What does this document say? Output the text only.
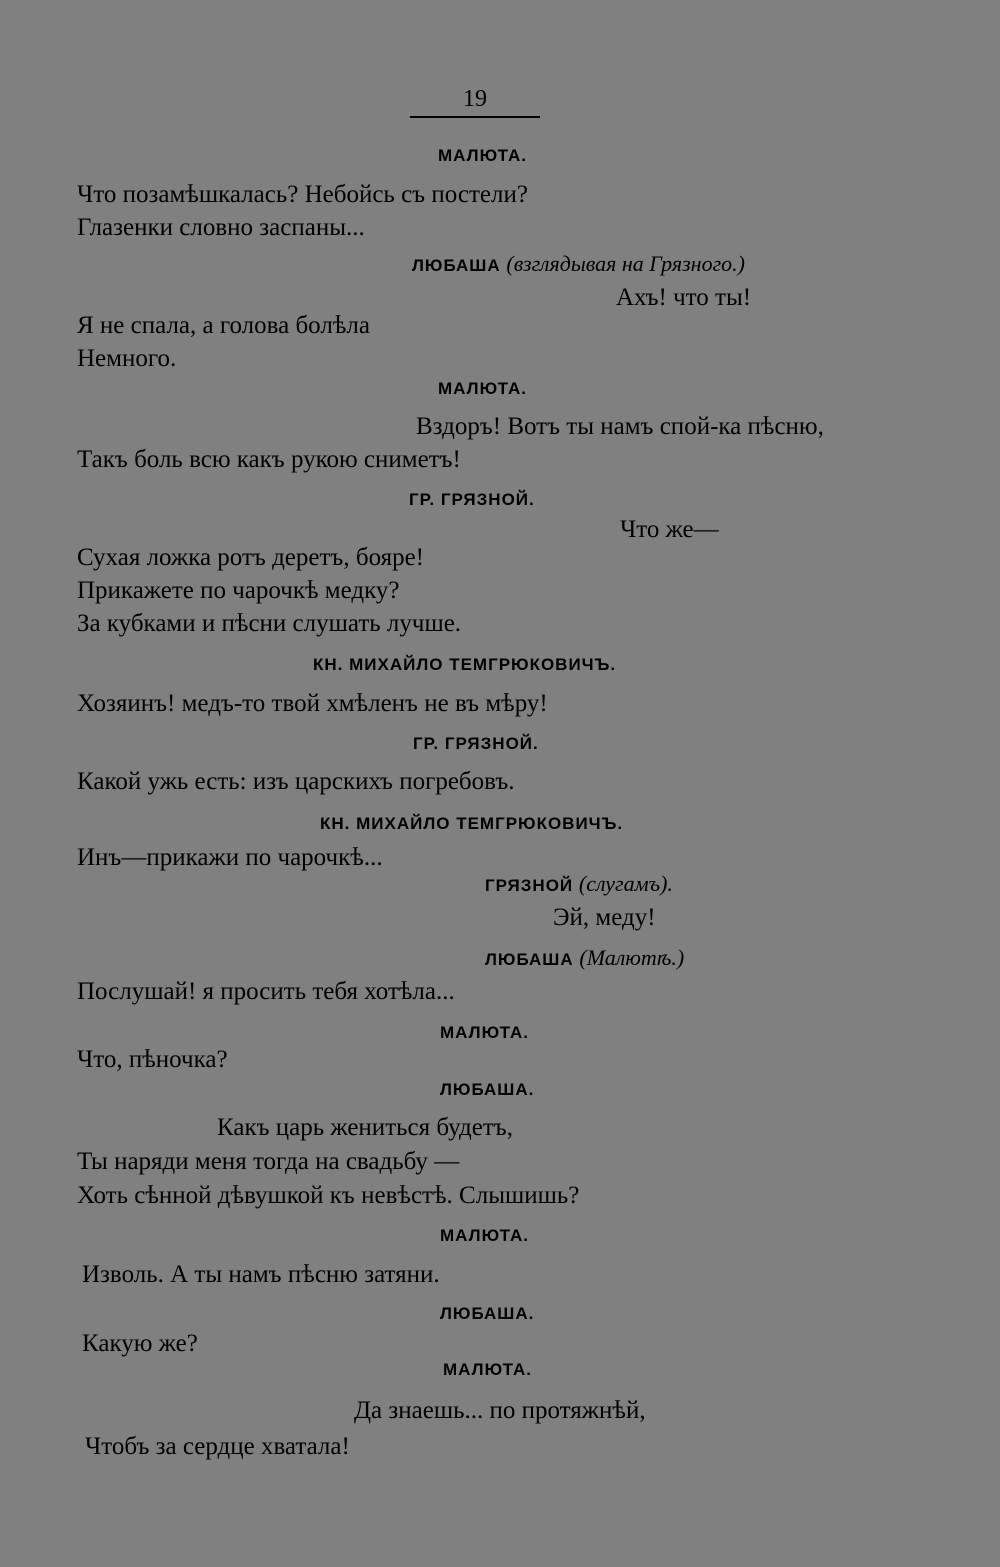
19
МАЛЮТА.
Что позамѣшкалась? Небойсь съ постели?
Глазенки словно заспаны...
ЛЮБАША (взглядывая на Грязного.)
Ахъ! что ты!
Я не спала, а голова болѣла
Немного.
МАЛЮТА.
Вздоръ! Вотъ ты намъ спой-ка пѣсню,
Такъ боль всю какъ рукою сниметъ!
ГР. ГРЯЗНОЙ.
Что же—
Сухая ложка ротъ деретъ, бояре!
Прикажете по чарочкѣ медку?
За кубками и пѣсни слушать лучше.
КН. МИХАЙЛО ТЕМГРЮКОВИЧЪ.
Хозяинъ! медъ-то твой хмѣленъ не въ мѣру!
ГР. ГРЯЗНОЙ.
Какой ужь есть: изъ царскихъ погребовъ.
КН. МИХАЙЛО ТЕМГРЮКОВИЧЪ.
Инъ—прикажи по чарочкѣ...
ГРЯЗНОЙ (слугамъ).
Эй, меду!
ЛЮБАША (Малютѣ.)
Послушай! я просить тебя хотѣла...
МАЛЮТА.
Что, пѣночка?
ЛЮБАША.
Какъ царь жениться будетъ,
Ты наряди меня тогда на свадьбу —
Хоть сѣнной дѣвушкой къ невѣстѣ. Слышишь?
МАЛЮТА.
Изволь. А ты намъ пѣсню затяни.
ЛЮБАША.
Какую же?
МАЛЮТА.
Да знаешь... по протяжнѣй,
Чтобъ за сердце хватала!
